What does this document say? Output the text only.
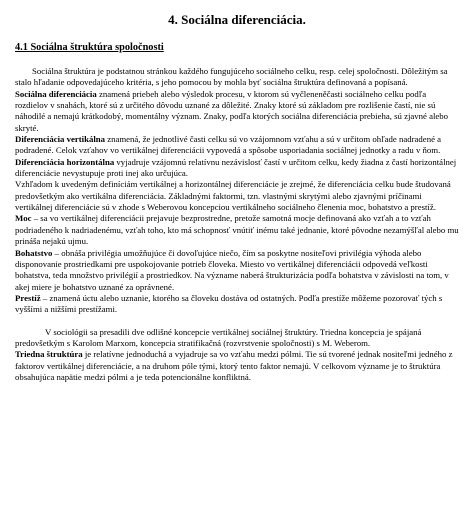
4. Sociálna diferenciácia.
4.1 Sociálna štruktúra spoločnosti

Sociálna štruktúra je podstatnou stránkou každého fungujúceho sociálneho celku, resp. celej spoločnosti. Dôležitým sa stalo hľadanie odpovedajúceho kritéria, s jeho pomocou by mohla byť sociálna štruktúra definovaná a popísaná.

Sociálna diferenciácia znamená priebeh alebo výsledok procesu, v ktorom sú vyčleneněčasti sociálneho celku podľa rozdielov v snahách, ktoré sú z určitého dôvodu uznané za dôležité. Znaky ktoré sú základom pre rozlišenie častí, nie sú náhodilé a nemajú krátkodobý, momentálny význam. Znaky, podľa ktorých sociálna diferenciácia prebieha, sú zjavné alebo skryté.

Diferenciácia vertikálna znamená, že jednotlivé časti celku sú vo vzájomnom vzťahu a sú v určitom ohľade nadradené a podradené. Celok vzťahov vo vertikálnej diferenciácii vypovedá a spôsobe usporiadania sociálnej jednotky a radu v ňom.

Diferenciácia horizontálna vyjadruje vzájomnú relatívnu nezávislosť častí v určitom celku, kedy žiadna z častí horizontálnej diferenciácie nevystupuje proti inej ako určujúca.

Vzhľadom k uvedeným definíciám vertikálnej a horizontálnej diferenciácie je zrejmé, že diferenciácia celku bude študovaná predovšetkým ako vertikálna diferenciácia. Základnými faktormi, tzn. vlastnými skrytými alebo zjavnými príčinami vertikálnej diferenciácie sú v zhode s Weberovou koncepciou vertikálneho sociálneho členenia moc, bohatstvo a prestíž.

Moc – sa vo vertikálnej diferenciácii prejavuje bezprostredne, pretože samotná mocje definovaná ako vzťah a to vzťah podriadeného k nadriadenému, vzťah toho, kto má schopnosť vnútiť inému také jednanie, ktoré pôvodne nezamýšľal alebo mu prináša nejakú ujmu.

Bohatstvo – obnáša privilégia umožňujúce či dovoľujúce niečo, čím sa poskytne nositeľovi privilégia výhoda alebo disponovanie prostriedkami pre uspokojovanie potrieb človeka. Miesto vo vertikálnej diferenciácii odpovedá veľkosti bohatstva, teda množstvo privilégií a prostriedkov. Na význame naberá štrukturizácia podľa bohatstva v závislosti na tom, v akej miere je bohatstvo uznané za oprávnené.

Prestíž – znamená úctu alebo uznanie, ktorého sa človeku dostáva od ostatných. Podľa prestíže môžeme pozorovať tých s vyššími a nižšími prestížami.

V sociológii sa presadili dve odlišné koncepcie vertikálnej sociálnej štruktúry. Triedna koncepcia je spájaná predovšetkým s Karolom Marxom, koncepcia stratifikačná (rozvrstvenie spoločnosti) s M. Weberom.

Triedna štruktúra je relatívne jednoduchá a vyjadruje sa vo vzťahu medzi pólmi. Tie sú tvorené jednak nositeľmi jedného z faktorov vertikálnej diferenciácie, a na druhom póle tými, ktorý tento faktor nemajú. V celkovom význame je to štruktúra obsahujúca napätie medzi pólmi a je teda potencionálne konfliktná.
